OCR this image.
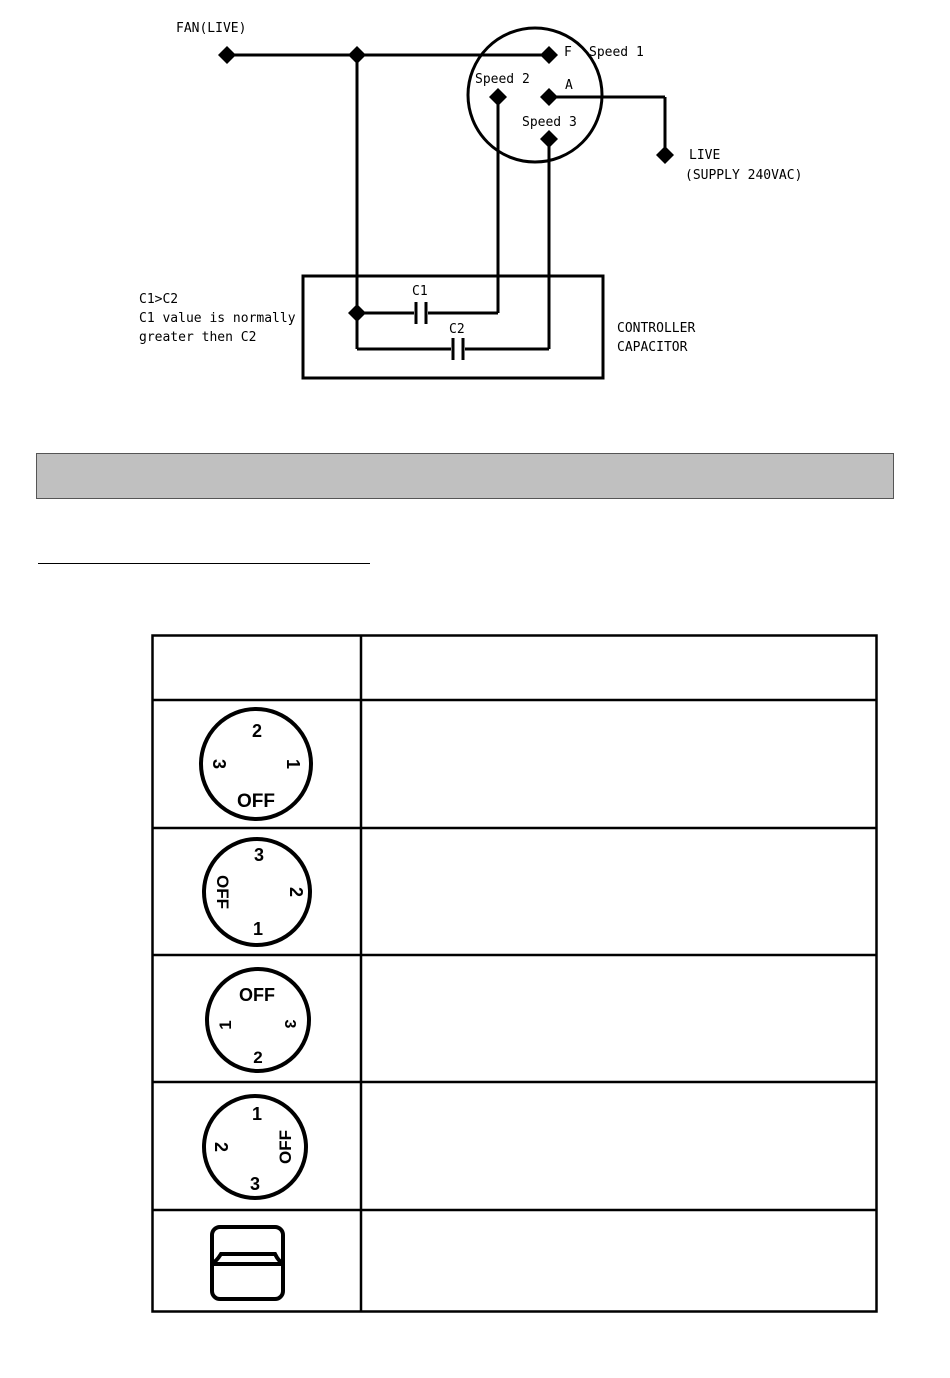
FAN(LIVE)
F Speed 1
Speed 2	A
Speed 3
LIVE
(SUPPLY 240VAC)
C1
C2
C1>C2
C1 value is normally
greater then C2
CONTROLLER
CAPACITOR
2
1
OFF
3
3
2
1
OFF
OFF
3
2
1
1
OFF
3
2
